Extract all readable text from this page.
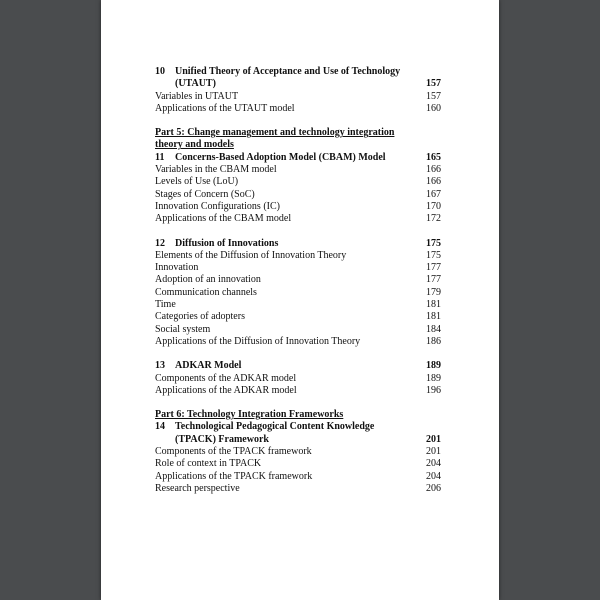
10 Unified Theory of Acceptance and Use of Technology
(UTAUT)	157
Variables in UTAUT	157
Applications of the UTAUT model	160
Part 5: Change management and technology integration theory and models
11 Concerns-Based Adoption Model (CBAM) Model	165
Variables in the CBAM model	166
Levels of Use (LoU)	166
Stages of Concern (SoC)	167
Innovation Configurations (IC)	170
Applications of the CBAM model	172
12 Diffusion of Innovations	175
Elements of the Diffusion of Innovation Theory	175
Innovation	177
Adoption of an innovation	177
Communication channels	179
Time	181
Categories of adopters	181
Social system	184
Applications of the Diffusion of Innovation Theory	186
13 ADKAR Model	189
Components of the ADKAR model	189
Applications of the ADKAR model	196
Part 6: Technology Integration Frameworks
14 Technological Pedagogical Content Knowledge
(TPACK) Framework	201
Components of the TPACK framework	201
Role of context in TPACK	204
Applications of the TPACK framework	204
Research perspective	206
